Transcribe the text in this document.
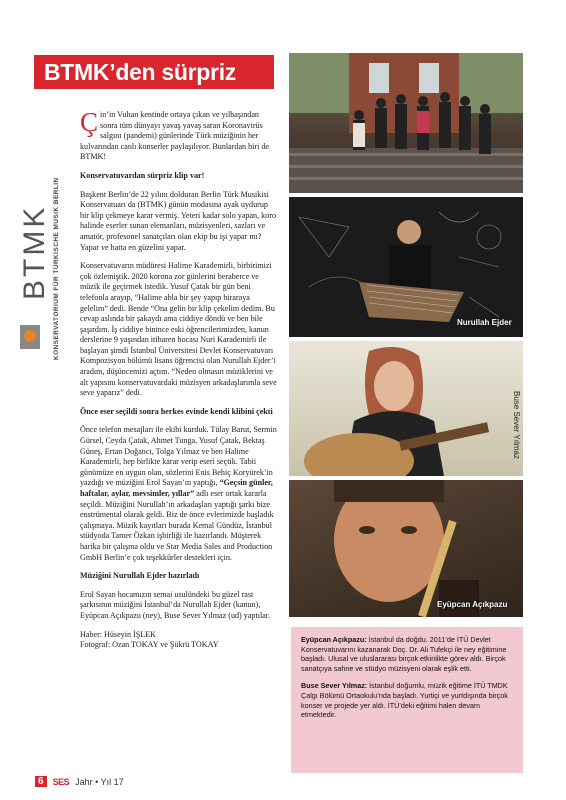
BTMK’den sürpriz var!
BTMK KONSERVATORIUM FÜR TÜRKISCHE MUSIK BERLIN

Çin’in Vuhan kentinde ortaya çıkan ve yılbaşından sonra tüm dünyayı yavaş yavaş saran Koronavirüs salgını (pandemi) günlerinde Türk müziğinin her kulvarından canlı konserler paylaşılıyor. Bunlardan biri de BTMK!

Konservatuvardan sürpriz klip var!

Başkent Berlin’de 22 yılını dolduran Berlin Türk Musikisi Konservatuarı da (BTMK) günün modasına ayak uydurup bir klip çekmeye karar vermiş. Yeteri kadar solo yapan, koro halinde eserler sunan elemanları, müzisyenleri, sazları ve amatör, profesonel sanatçıları olan ekip bu işi yapar mı? Yapar ve hatta en güzelini yapar.

Konservatuvarın müdüresi Halime Karademirli, birbirimizi çok özlemiştik. 2020 korona zor günlerini beraberce ve müzik ile geçirmek istedik. Yusuf Çatak bir gün beni telefonla arayıp, “Halime abla bir şey yapıp biraraya gelelim” dedi. Bende “Ona gelin bir klip çekelim dedim. Bu cevap aslında bir şakaydı ama ciddiye döndü ve ben bile şaşırdım. İş ciddiye binince eski öğrencilerimizden, kanun derslerine 9 yaşından itibaren hocası Nuri Karademirli ile başlayan şimdi İstanbul Üniversitesi Devlet Konservatuvarı Kompozisyon bölümü lisans öğrencisi olan Nurullah Ejder’i aradım, düşüncemizi açtım. “Neden olmasın müziklerini ve alt yapısını konservatuvardaki müzisyen arkadaşlarımla seve seve yaparız” dedi.

Önce eser seçildi sonra herkes evinde kendi klibini çekti

Önce telefon mesajları ile ekibi kurduk. Tülay Barut, Sermin Gürsel, Ceyda Çatak, Ahmet Tunga, Yusuf Çatak, Bektaş Güneş, Ertan Doğancı, Tolga Yılmaz ve ben Halime Karademirli, hep birlikte karar verip eseri seçtik. Tabii günümüze en uygun olan, sözlerini Enis Behiç Koryürek’in yazdığı ve müziğini Erol Sayan’ın yaptığı, “Geçsin günler, haftalar, aylar, mevsimler, yıllar” adlı eser ortak kararla seçildi. Müziğini Nurullah’ın arkadaşları yaptığı şarkı bize enstrümental olarak geldi. Biz de önce evlerimizde başladık çalışmaya. Müzik kayıtları burada Kemal Gündüz, İstanbul stüdyoda Tamer Özkan işbirliği ile hazırlandı. Müşterek harika bir çalışma oldu ve Star Media Sales and Production GmbH Berlin’e çok teşekkürler destekleri için.

Müziğini Nurullah Ejder hazırladı

Erol Sayan hocamızın semai usulündeki bu güzel rast şarkısının müziğini İstanbul’da Nurullah Ejder (kanun), Eyüpcan Açıkpazu (ney), Buse Sever Yılmaz (ud) yaptılar.

Haber: Hüseyin İŞLEK
Fotograf: Ozan TOKAY ve Şükrü TOKAY
Nurullah Ejder
Buse Sever Yılmaz
Eyüpcan Açıkpazu

Eyüpcan Açıkpazu: İstanbul da doğdu. 2011’de İTÜ Devlet Konservatuvarını kazanarak Doç. Dr. Ali Tufekçi ile ney eğitimine başladı. Ulusal ve uluslararası birçok etkinlikte görev aldı. Birçok sanatçıya sahne ve stüdyo müzisyeni olarak eşlik etti.

Buse Sever Yılmaz: İstanbul doğumlu, müzik eğitime İTÜ TMDK Çalgı Bölümü Ortaokulu’nda başladı. Yurtiçi ve yurtdışında birçok konser ve projede yer aldı. İTÜ’deki eğitimi halen devam etmektedir.

6	SES Jahr • Yıl 17
